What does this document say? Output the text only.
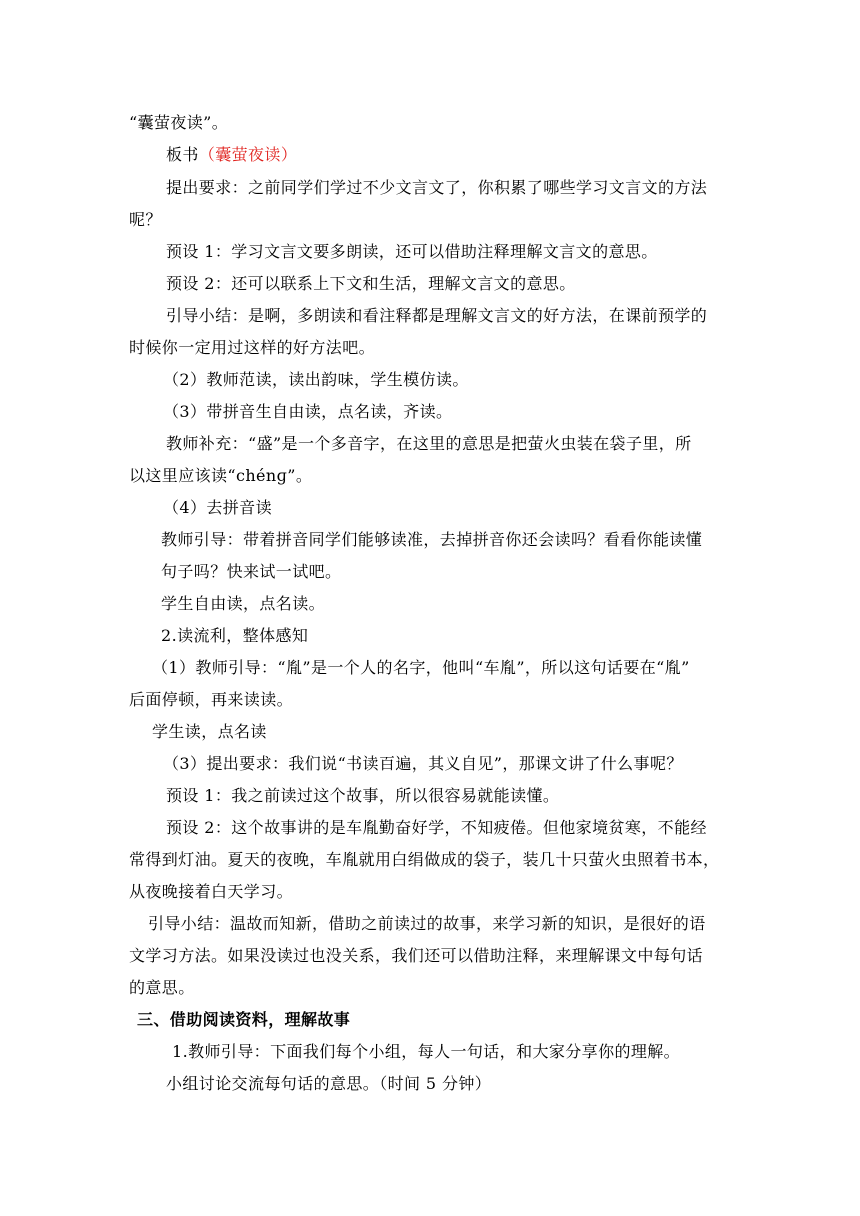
“囊萤夜读”。
板书（囊萤夜读）
提出要求：之前同学们学过不少文言文了，你积累了哪些学习文言文的方法
呢？
预设 1：学习文言文要多朗读，还可以借助注释理解文言文的意思。
预设 2：还可以联系上下文和生活，理解文言文的意思。
引导小结：是啊，多朗读和看注释都是理解文言文的好方法，在课前预学的
时候你一定用过这样的好方法吧。
（2）教师范读，读出韵味，学生模仿读。
（3）带拼音生自由读，点名读，齐读。
教师补充：“盛”是一个多音字，在这里的意思是把萤火虫装在袋子里，所
以这里应该读“chénɡ”。
（4）去拼音读
教师引导：带着拼音同学们能够读准，去掉拼音你还会读吗？看看你能读懂
句子吗？快来试一试吧。
学生自由读，点名读。
2.读流利，整体感知
（1）教师引导：“胤”是一个人的名字，他叫“车胤”，所以这句话要在“胤”
后面停顿，再来读读。
学生读，点名读
（3）提出要求：我们说“书读百遍，其义自见”，那课文讲了什么事呢？
预设 1：我之前读过这个故事，所以很容易就能读懂。
预设 2：这个故事讲的是车胤勤奋好学，不知疲倦。但他家境贫寒，不能经
常得到灯油。夏天的夜晚，车胤就用白绢做成的袋子，装几十只萤火虫照着书本，
从夜晚接着白天学习。
引导小结：温故而知新，借助之前读过的故事，来学习新的知识，是很好的语
文学习方法。如果没读过也没关系，我们还可以借助注释，来理解课文中每句话
的意思。
三、借助阅读资料，理解故事
1.教师引导：下面我们每个小组，每人一句话，和大家分享你的理解。
小组讨论交流每句话的意思。（时间 5 分钟）
